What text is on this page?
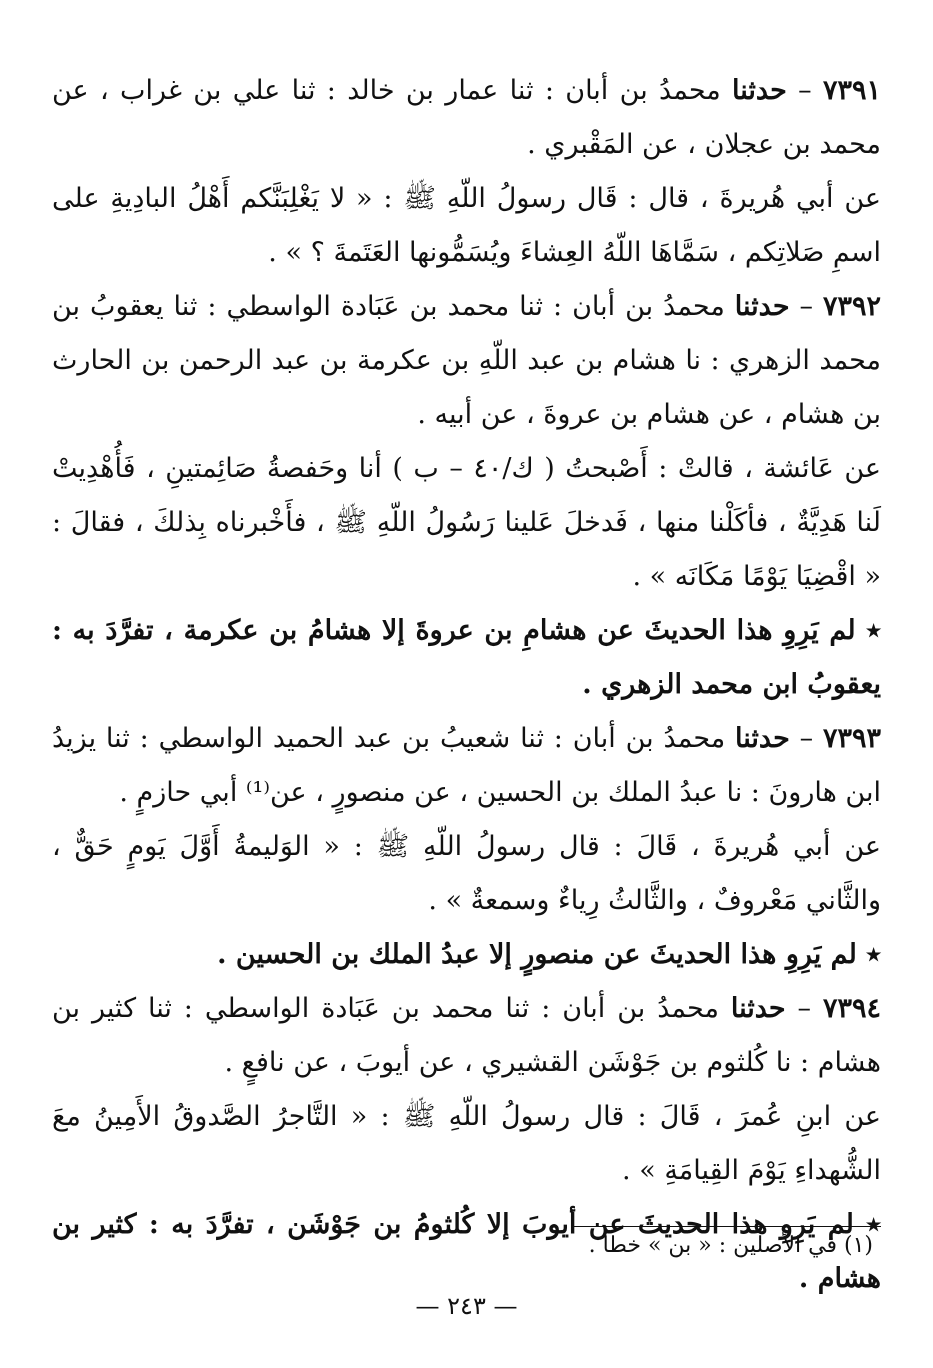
٧٣٩١ – حدثنا محمدُ بن أبان : ثنا عمار بن خالد : ثنا علي بن غراب ، عن محمد بن عجلان ، عن المَقْبري .

عن أبي هُريرةَ ، قال : قَال رسولُ اللّهِ ﷺ : « لا يَغْلِبَنَّكم أَهْلُ البادِيةِ على اسمِ صَلاتِكم ، سَمَّاهَا اللّهُ العِشاءَ ويُسَمُّونها العَتَمةَ ؟ » .

٧٣٩٢ – حدثنا محمدُ بن أبان : ثنا محمد بن عَبَادة الواسطي : ثنا يعقوبُ بن محمد الزهري : نا هشام بن عبد اللّهِ بن عكرمة بن عبد الرحمن بن الحارث بن هشام ، عن هشام بن عروةَ ، عن أبيه .

عن عَائشة ، قالتْ : أَصْبحتُ ( ك/٤٠ – ب ) أنا وحَفصةُ صَائِمتينِ ، فَأُهْدِيتْ لَنا هَدِيَّةٌ ، فأكَلْنا منها ، فَدخلَ عَلينا رَسُولُ اللّهِ ﷺ ، فأَخْبرناه بِذلكَ ، فقالَ : « اقْضِيَا يَوْمًا مَكَانَه » .

٭ لم يَرِوِ هذا الحديثَ عن هشامِ بن عروةَ إلا هشامُ بن عكرمة ، تفرَّدَ به : يعقوبُ ابن محمد الزهري .

٧٣٩٣ – حدثنا محمدُ بن أبان : ثنا شعيبُ بن عبد الحميد الواسطي : ثنا يزيدُ ابن هارونَ : نا عبدُ الملك بن الحسين ، عن منصورٍ ، عن⁽¹⁾ أبي حازمٍ .

عن أبي هُريرةَ ، قَالَ : قال رسولُ اللّهِ ﷺ : « الوَليمةُ أَوَّلَ يَومٍ حَقٌّ ، والثَّاني مَعْروفٌ ، والثَّالثُ رِياءٌ وسمعةٌ » .

٭ لم يَرِوِ هذا الحديثَ عن منصورٍ إلا عبدُ الملك بن الحسين .

٧٣٩٤ – حدثنا محمدُ بن أبان : ثنا محمد بن عَبَادة الواسطي : ثنا كثير بن هشام : نا كُلثوم بن جَوْشَن القشيري ، عن أيوبَ ، عن نافعٍ .

عن ابنِ عُمرَ ، قَالَ : قال رسولُ اللّهِ ﷺ : « التَّاجرُ الصَّدوقُ الأَمِينُ معَ الشُّهداءِ يَوْمَ القِيامَةِ » .

٭ لم يَرِوِ هذا الحديثَ عن أيوبَ إلا كُلثومُ بن جَوْشَن ، تفرَّدَ به : كثير بن هشام .

(١) في الأصلين : « بن » خطأ .
— ٢٤٣ —
